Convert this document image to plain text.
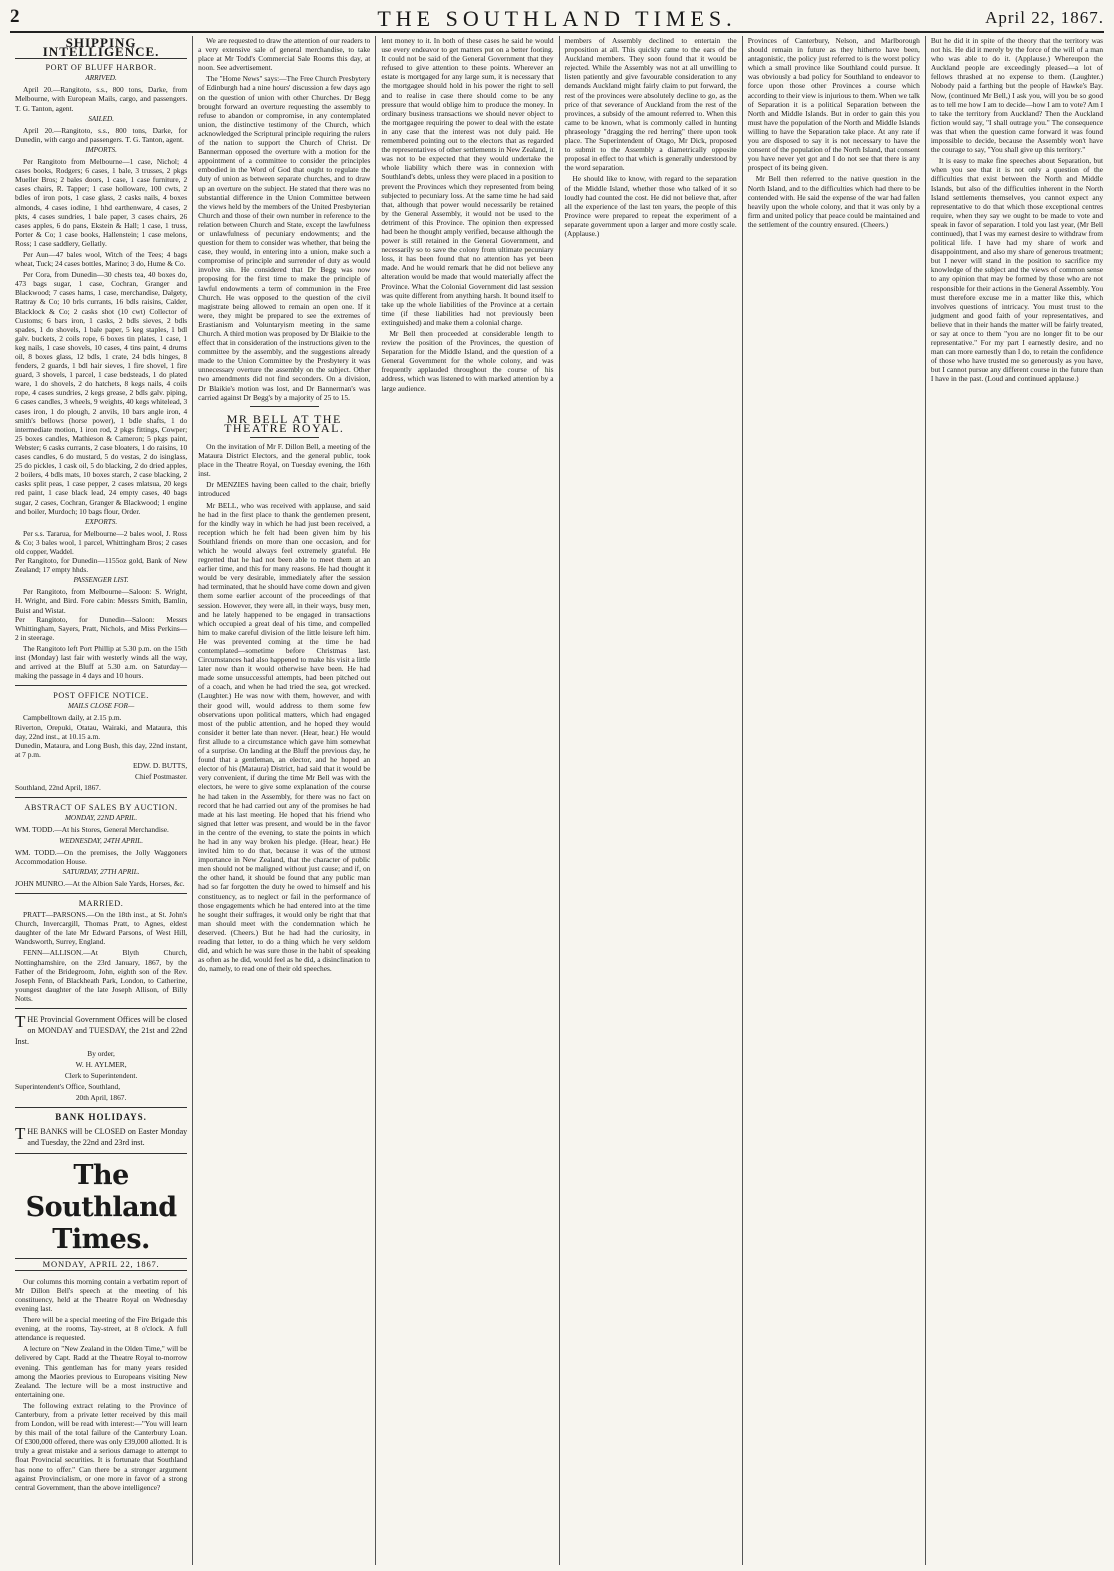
2	THE SOUTHLAND TIMES.	April 22, 1867.
SHIPPING INTELLIGENCE.
PORT OF BLUFF HARBOR.
ARRIVED.

April 20.—Rangitoto, s.s., 800 tons, Darke, from Melbourne, with European Mails, cargo, and passengers. T. G. Tanton, agent.

SAILED.

April 20.—Rangitoto, s.s., 800 tons, Darke, for Dunedin, with cargo and passengers. T. G. Tanton, agent.

IMPORTS.

Per Rangitoto from Melbourne—1 case, Nichol; 4 cases books, Rodgers; 6 cases, 1 bale, 3 trusses, 2 pkgs Mueller Bros; 2 bales doors, 1 case, 1 case furniture, 2 cases chairs, R. Tapper; 1 case holloware, 100 cwts, 2 bdles of iron pots, 1 case glass, 2 casks nails, 4 boxes almonds, 4 cases iodine, 1 hhd earthenware, 4 cases, 2 pkts, 4 cases sundries, 1 bale paper, 3 cases chairs, 26 cases apples, 6 do pans, Ekstein & Hall; 1 case, 1 truss, Porter & Co; 1 case books, Hallenstein; 1 case melons, Ross; 1 case saddlery, Gellatly.

Per Aun—47 bales wool, Witch of the Tees; 4 bags wheat, Tuck; 24 cases bottles, Marino; 3 do, Hume & Co.

Per Cora, from Dunedin—30 chests tea, 40 boxes do, 473 bags sugar, 1 case, Cochran, Granger and Blackwood; 7 cases hams, 1 case, merchandise, Dalgety, Rattray & Co; 10 brls currants, 16 bdls raisins, Calder, Blacklock & Co; 2 casks shot (10 cwt) Collector of Customs; 6 bars iron, 1 casks, 2 bdls sieves, 2 bdls spades, 1 do shovels, 1 bale paper, 5 keg staples, 1 bdl galv. buckets, 2 coils rope, 6 boxes tin plates, 1 case, 1 keg nails, 1 case shovels, 10 cases, 4 tins paint, 4 drums oil, 8 boxes glass, 12 bdls, 1 crate, 24 bdls hinges, 8 fenders, 2 guards, 1 bdl hair sieves, 1 fire shovel, 1 fire guard, 3 shovels, 1 parcel, 1 case bedsteads, 1 do plated ware, 1 do shovels, 2 do hatchets, 8 kegs nails, 4 coils rope, 4 cases sundries, 2 kegs grease, 2 bdls galv. piping, 6 cases candles, 3 wheels, 9 weights, 40 kegs whitelead, 3 cases iron, 1 do plough, 2 anvils, 10 bars angle iron, 4 smith's bellows (horse power), 1 bdle shafts, 1 do intermediate motion, 1 iron rod, 2 pkgs fittings, Cowper; 25 boxes candles, Mathieson & Cameron; 5 pkgs paint, Webster; 6 casks currants, 2 case bloaters, 1 do raisins, 10 cases candles, 6 do mustard, 5 do vestas, 2 do isinglass, 25 do pickles, 1 cask oil, 5 do blacking, 2 do dried apples, 2 boilers, 4 bdls mats, 10 boxes starch, 2 case blacking, 2 casks split peas, 1 case pepper, 2 cases mlatsua, 20 kegs red paint, 1 case black lead, 24 empty cases, 40 bags sugar, 2 cases, Cochran, Granger & Blackwood; 1 engine and boiler, Murdoch; 10 bags flour, Order.

EXPORTS.

Per s.s. Tararua, for Melbourne—2 bales wool, J. Ross & Co; 3 bales wool, 1 parcel, Whittingham Bros; 2 cases old copper, Waddel.
Per Rangitoto, for Dunedin—1155oz gold, Bank of New Zealand; 17 empty hhds.

PASSENGER LIST.

Per Rangitoto, from Melbourne—Saloon: S. Wright, H. Wright, and Bird. Fore cabin: Messrs Smith, Bamlin, Buist and Wistat.
Per Rangitoto, for Dunedin—Saloon: Messrs Whittingham, Sayers, Pratt, Nichols, and Miss Perkins—2 in steerage.

The Rangitoto left Port Phillip at 5.30 p.m. on the 15th inst (Monday) last fair with westerly winds all the way, and arrived at the Bluff at 5.30 a.m. on Saturday—making the passage in 4 days and 10 hours.

POST OFFICE NOTICE.
MAILS CLOSE FOR—

Campbelltown daily, at 2.15 p.m.
Riverton, Orepuki, Otatau, Wairaki, and Mataura, this day, 22nd inst., at 10.15 a.m.
Dunedin, Mataura, and Long Bush, this day, 22nd instant, at 7 p.m.

EDW. D. BUTTS,

Chief Postmaster.

Southland, 22nd April, 1867.

ABSTRACT OF SALES BY AUCTION.
MONDAY, 22ND APRIL.

WM. TODD.—At his Stores, General Merchandise.

WEDNESDAY, 24TH APRIL.

WM. TODD.—On the premises, the Jolly Waggoners Accommodation House.

SATURDAY, 27TH APRIL.

JOHN MUNRO.—At the Albion Sale Yards, Horses, &c.

MARRIED.

PRATT—PARSONS.—On the 18th inst., at St. John's Church, Invercargill, Thomas Pratt, to Agnes, eldest daughter of the late Mr Edward Parsons, of West Hill, Wandsworth, Surrey, England.

FENN—ALLISON.—At Blyth Church, Nottinghamshire, on the 23rd January, 1867, by the Father of the Bridegroom, John, eighth son of the Rev. Joseph Fenn, of Blackheath Park, London, to Catherine, youngest daughter of the late Joseph Allison, of Billy Notts.

THE Provincial Government Offices will be closed on MONDAY and TUESDAY, the 21st and 22nd Inst.

By order,

W. H. AYLMER,

Clerk to Superintendent.

Superintendent's Office, Southland,

20th April, 1867.

BANK HOLIDAYS.

THE BANKS will be CLOSED on Easter Monday and Tuesday, the 22nd and 23rd inst.

The Southland Times.
MONDAY, APRIL 22, 1867.

Our columns this morning contain a verbatim report of Mr Dillon Bell's speech at the meeting of his constituency, held at the Theatre Royal on Wednesday evening last.

There will be a special meeting of the Fire Brigade this evening, at the rooms, Tay-street, at 8 o'clock. A full attendance is requested.

A lecture on "New Zealand in the Olden Time," will be delivered by Capt. Radd at the Theatre Royal to-morrow evening. This gentleman has for many years resided among the Maories previous to Europeans visiting New Zealand. The lecture will be a most instructive and entertaining one.

The following extract relating to the Province of Canterbury, from a private letter received by this mail from London, will be read with interest:—"You will learn by this mail of the total failure of the Canterbury Loan. Of £300,000 offered, there was only £39,000 allotted. It is truly a great mistake and a serious damage to attempt to float Provincial securities. It is fortunate that Southland has none to offer." Can there be a stronger argument against Provincialism, or one more in favor of a strong central Government, than the above intelligence?

We are requested to draw the attention of our readers to a very extensive sale of general merchandise, to take place at Mr Todd's Commercial Sale Rooms this day, at noon. See advertisement.

The "Home News" says:—The Free Church Presbytery of Edinburgh had a nine hours' discussion a few days ago on the question of union with other Churches. Dr Begg brought forward an overture requesting the assembly to refuse to abandon or compromise, in any contemplated union, the distinctive testimony of the Church, which acknowledged the Scriptural principle requiring the rulers of the nation to support the Church of Christ. Dr Bannerman opposed the overture with a motion for the appointment of a committee to consider the principles embodied in the Word of God that ought to regulate the duty of union as between separate churches, and to draw up an overture on the subject. He stated that there was no substantial difference in the Union Committee between the views held by the members of the United Presbyterian Church and those of their own number in reference to the relation between Church and State, except the lawfulness or unlawfulness of pecuniary endowments; and the question for them to consider was whether, that being the case, they would, in entering into a union, make such a compromise of principle and surrender of duty as would involve sin. He considered that Dr Begg was now proposing for the first time to make the principle of lawful endowments a term of communion in the Free Church. He was opposed to the question of the civil magistrate being allowed to remain an open one. If it were, they might be prepared to see the extremes of Erastianism and Voluntaryism meeting in the same Church. A third motion was proposed by Dr Blaikie to the effect that in consideration of the instructions given to the committee by the assembly, and the suggestions already made to the Union Committee by the Presbytery it was unnecessary overture the assembly on the subject. Other two amendments did not find seconders. On a division, Dr Blaikie's motion was lost, and Dr Bannerman's was carried against Dr Begg's by a majority of 25 to 15.

MR BELL AT THE THEATRE ROYAL.

On the invitation of Mr F. Dillon Bell, a meeting of the Mataura District Electors, and the general public, took place in the Theatre Royal, on Tuesday evening, the 16th inst.

Dr MENZIES having been called to the chair, briefly introduced

Mr BELL, who was received with applause, and said he had in the first place to thank the gentlemen present, for the kindly way in which he had just been received, a reception which he felt had been given him by his Southland friends on more than one occasion, and for which he would always feel extremely grateful. He regretted that he had not been able to meet them at an earlier time, and this for many reasons. He had thought it would be very desirable, immediately after the session had terminated, that he should have come down and given them some earlier account of the proceedings of that session. However, they were all, in their ways, busy men, and he lately happened to be engaged in transactions which occupied a great deal of his time, and compelled him to make careful division of the little leisure left him. He was prevented coming at the time he had contemplated—sometime before Christmas last. Circumstances had also happened to make his visit a little later now than it would otherwise have been. He had made some unsuccessful attempts, had been pitched out of a coach, and when he had tried the sea, got wrecked. (Laughter.) He was now with them, however, and with their good will, would address to them some few observations upon political matters, which had engaged most of the public attention, and he hoped they would consider it better late than never. (Hear, hear.) He would first allude to a circumstance which gave him somewhat of a surprise. On landing at the Bluff the previous day, he found that a gentleman, an elector, and he hoped an elector of his (Mataura) District, had said that it would be very convenient, if during the time Mr Bell was with the electors, he were to give some explanation of the course he had taken in the Assembly, for there was no fact on record that he had carried out any of the promises he had made at his last meeting. He hoped that his friend who signed that letter was present, and would be in the favor in the centre of the evening, to state the points in which he had in any way broken his pledge. (Hear, hear.) He invited him to do that, because it was of the utmost importance in New Zealand, that the character of public men should not be maligned without just cause; and if, on the other hand, it should be found that any public man had so far forgotten the duty he owed to himself and his constituency, as to neglect or fail in the performance of those engagements which he had entered into at the time he sought their suffrages, it would only be right that that man should meet with the condemnation which he deserved. (Cheers.) But he had had the curiosity, in reading that letter, to do a thing which he very seldom did, and which he was sure those in the habit of speaking as often as he did, would feel as he did, a disinclination to do, namely, to read one of their old speeches.

lent money to it. In both of these cases he said he would use every endeavor to get matters put on a better footing. It could not be said of the General Government that they refused to give attention to these points. Wherever an estate is mortgaged for any large sum, it is necessary that the mortgagee should hold in his power the right to sell and to realise in case there should come to be any pressure that would oblige him to produce the money. In ordinary business transactions we should never object to the mortgagee requiring the power to deal with the estate in any case that the interest was not duly paid. He remembered pointing out to the electors that as regarded the representatives of other settlements in New Zealand, it was not to be expected that they would undertake the whole liability which there was in connexion with Southland's debts, unless they were placed in a position to prevent the Provinces which they represented from being subjected to pecuniary loss. At the same time he had said that, although that power would necessarily be retained by the General Assembly, it would not be used to the detriment of this Province. The opinion then expressed had been he thought amply verified, because although the power is still retained in the General Government, and necessarily so to save the colony from ultimate pecuniary loss, it has been found that no attention has yet been made. And he would remark that he did not believe any alteration would be made that would materially affect the Province. What the Colonial Government did last session was quite different from anything harsh. It bound itself to take up the whole liabilities of the Province at a certain time (if these liabilities had not previously been extinguished) and make them a colonial charge.

Mr Bell then proceeded at considerable length to review the position of the Provinces, the question of Separation for the Middle Island, and the question of a General Government for the whole colony, and was frequently applauded throughout the course of his address, which was listened to with marked attention by a large audience.

members of Assembly declined to entertain the proposition at all. This quickly came to the ears of the Auckland members. They soon found that it would be rejected. While the Assembly was not at all unwilling to listen patiently and give favourable consideration to any demands Auckland might fairly claim to put forward, the rest of the provinces were absolutely decline to go, as the price of that severance of Auckland from the rest of the provinces, a subsidy of the amount referred to. When this came to be known, what is commonly called in hunting phraseology "dragging the red herring" there upon took place. The Superintendent of Otago, Mr Dick, proposed to submit to the Assembly a diametrically opposite proposal in effect to that which is generally understood by the word separation.

He should like to know, with regard to the separation of the Middle Island, whether those who talked of it so loudly had counted the cost. He did not believe that, after all the experience of the last ten years, the people of this Province were prepared to repeat the experiment of a separate government upon a larger and more costly scale. (Applause.)

Provinces of Canterbury, Nelson, and Marlborough should remain in future as they hitherto have been, antagonistic, the policy just referred to is the worst policy which a small province like Southland could pursue. It was obviously a bad policy for Southland to endeavor to force upon those other Provinces a course which according to their view is injurious to them. When we talk of Separation it is a political Separation between the North and Middle Islands. But in order to gain this you must have the population of the North and Middle Islands willing to have the Separation take place. At any rate if you are disposed to say it is not necessary to have the consent of the population of the North Island, that consent you have never yet got and I do not see that there is any prospect of its being given.

Mr Bell then referred to the native question in the North Island, and to the difficulties which had there to be contended with. He said the expense of the war had fallen heavily upon the whole colony, and that it was only by a firm and united policy that peace could be maintained and the settlement of the country ensured. (Cheers.)

But he did it in spite of the theory that the territory was not his. He did it merely by the force of the will of a man who was able to do it. (Applause.) Whereupon the Auckland people are exceedingly pleased—a lot of fellows thrashed at no expense to them. (Laughter.) Nobody paid a farthing but the people of Hawke's Bay. Now, (continued Mr Bell,) I ask you, will you be so good as to tell me how I am to decide—how I am to vote? Am I to take the territory from Auckland? Then the Auckland fiction would say, "I shall outrage you." The consequence was that when the question came forward it was found impossible to decide, because the Assembly won't have the courage to say, "You shall give up this territory."

It is easy to make fine speeches about Separation, but when you see that it is not only a question of the difficulties that exist between the North and Middle Islands, but also of the difficulties inherent in the North Island settlements themselves, you cannot expect any representative to do that which those exceptional centres require, when they say we ought to be made to vote and speak in favor of separation. I told you last year, (Mr Bell continued), that I was my earnest desire to withdraw from political life. I have had my share of work and disappointment, and also my share of generous treatment; but I never will stand in the position to sacrifice my knowledge of the subject and the views of common sense to any opinion that may be formed by those who are not responsible for their actions in the General Assembly. You must therefore excuse me in a matter like this, which involves questions of intricacy. You must trust to the judgment and good faith of your representatives, and believe that in their hands the matter will be fairly treated, or say at once to them "you are no longer fit to be our representative." For my part I earnestly desire, and no man can more earnestly than I do, to retain the confidence of those who have trusted me so generously as you have, but I cannot pursue any different course in the future than I have in the past. (Loud and continued applause.)
